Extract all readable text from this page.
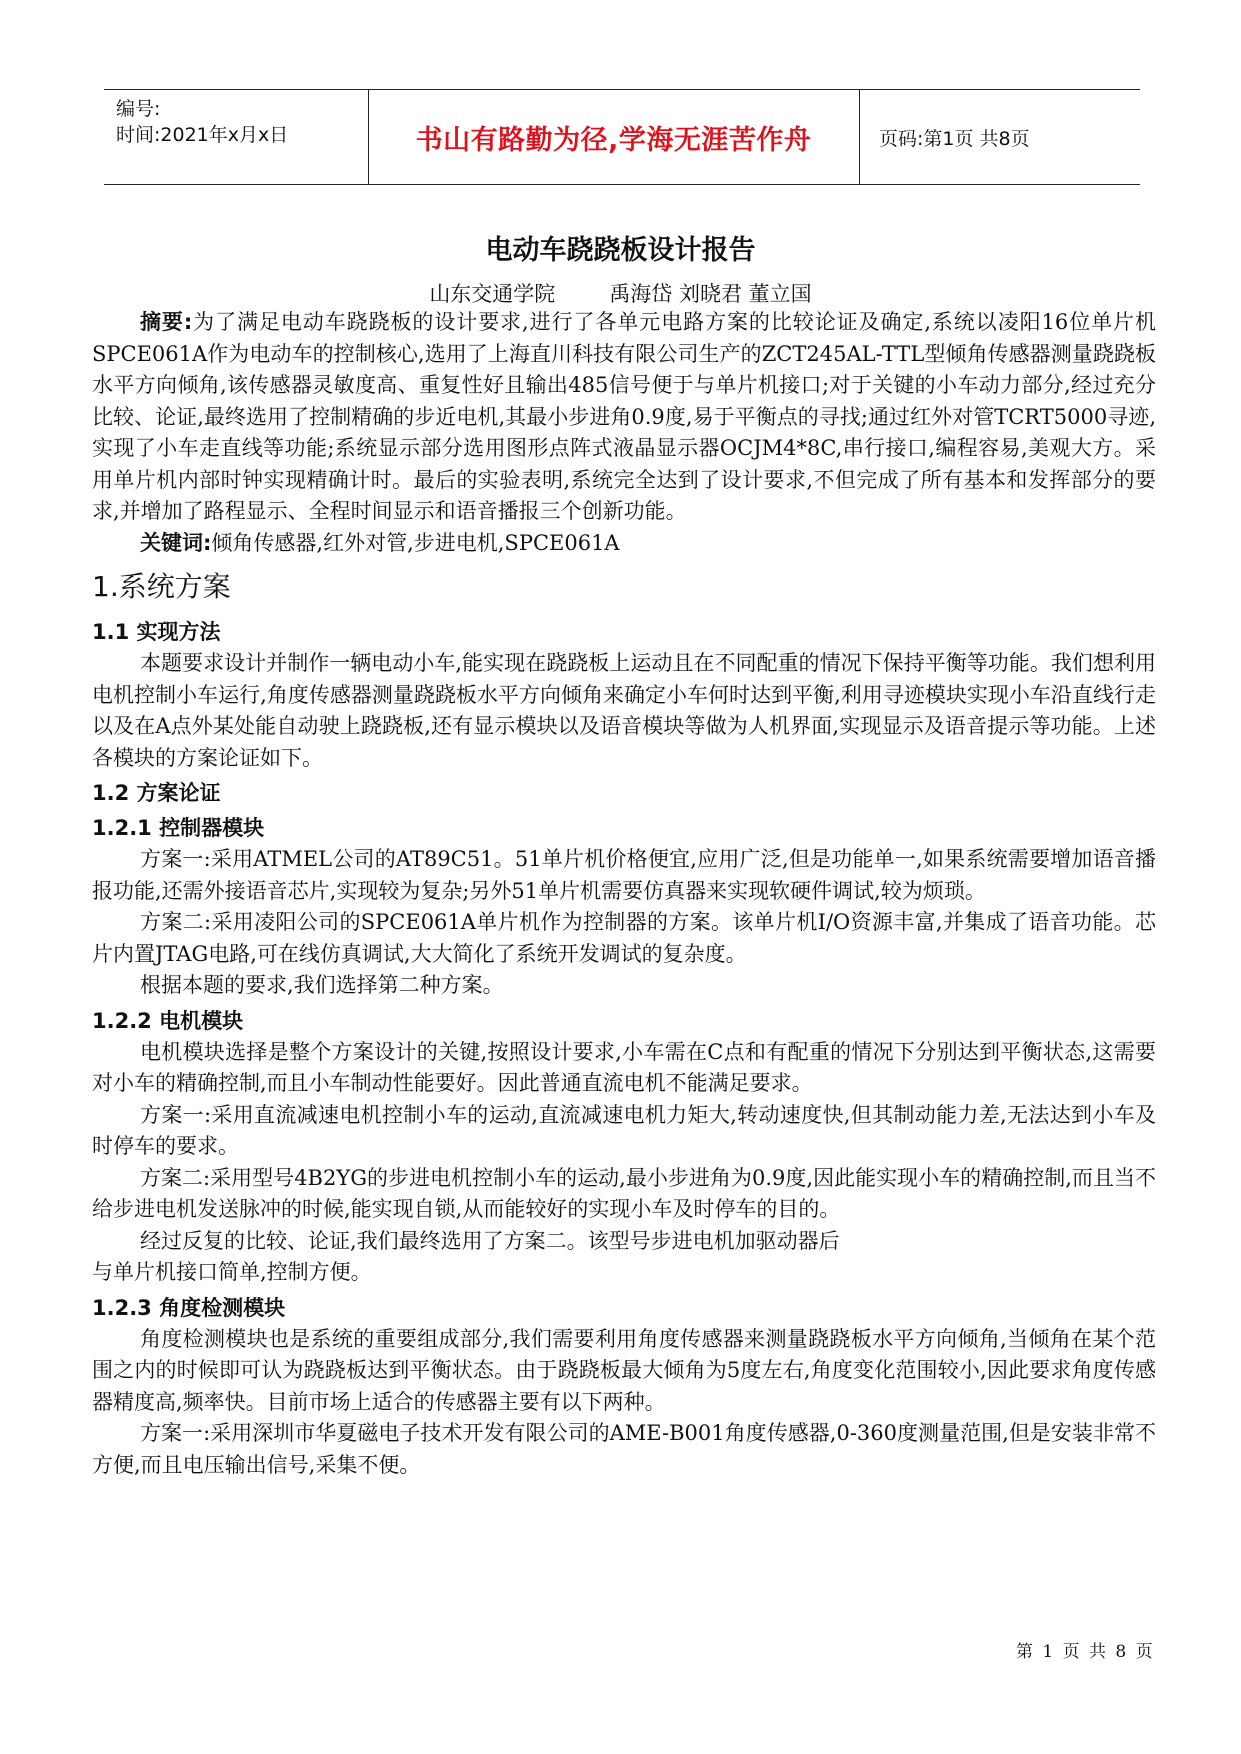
编号:
时间:2021年x月x日	书山有路勤为径,学海无涯苦作舟	页码:第1页 共8页
电动车跷跷板设计报告
山东交通学院	禹海岱 刘晓君 董立国

摘要:为了满足电动车跷跷板的设计要求,进行了各单元电路方案的比较论证及确定,系统以凌阳16位单片机SPCE061A作为电动车的控制核心,选用了上海直川科技有限公司生产的ZCT245AL-TTL型倾角传感器测量跷跷板水平方向倾角,该传感器灵敏度高、重复性好且输出485信号便于与单片机接口;对于关键的小车动力部分,经过充分比较、论证,最终选用了控制精确的步近电机,其最小步进角0.9度,易于平衡点的寻找;通过红外对管TCRT5000寻迹,实现了小车走直线等功能;系统显示部分选用图形点阵式液晶显示器OCJM4*8C,串行接口,编程容易,美观大方。采用单片机内部时钟实现精确计时。最后的实验表明,系统完全达到了设计要求,不但完成了所有基本和发挥部分的要求,并增加了路程显示、全程时间显示和语音播报三个创新功能。

关键词:倾角传感器,红外对管,步进电机,SPCE061A

1.系统方案
1.1 实现方法

本题要求设计并制作一辆电动小车,能实现在跷跷板上运动且在不同配重的情况下保持平衡等功能。我们想利用电机控制小车运行,角度传感器测量跷跷板水平方向倾角来确定小车何时达到平衡,利用寻迹模块实现小车沿直线行走以及在A点外某处能自动驶上跷跷板,还有显示模块以及语音模块等做为人机界面,实现显示及语音提示等功能。上述各模块的方案论证如下。

1.2 方案论证
1.2.1 控制器模块

方案一:采用ATMEL公司的AT89C51。51单片机价格便宜,应用广泛,但是功能单一,如果系统需要增加语音播报功能,还需外接语音芯片,实现较为复杂;另外51单片机需要仿真器来实现软硬件调试,较为烦琐。

方案二:采用凌阳公司的SPCE061A单片机作为控制器的方案。该单片机I/O资源丰富,并集成了语音功能。芯片内置JTAG电路,可在线仿真调试,大大简化了系统开发调试的复杂度。

根据本题的要求,我们选择第二种方案。

1.2.2 电机模块

电机模块选择是整个方案设计的关键,按照设计要求,小车需在C点和有配重的情况下分别达到平衡状态,这需要对小车的精确控制,而且小车制动性能要好。因此普通直流电机不能满足要求。

方案一:采用直流减速电机控制小车的运动,直流减速电机力矩大,转动速度快,但其制动能力差,无法达到小车及时停车的要求。

方案二:采用型号4B2YG的步进电机控制小车的运动,最小步进角为0.9度,因此能实现小车的精确控制,而且当不给步进电机发送脉冲的时候,能实现自锁,从而能较好的实现小车及时停车的目的。

经过反复的比较、论证,我们最终选用了方案二。该型号步进电机加驱动器后

与单片机接口简单,控制方便。

1.2.3 角度检测模块

角度检测模块也是系统的重要组成部分,我们需要利用角度传感器来测量跷跷板水平方向倾角,当倾角在某个范围之内的时候即可认为跷跷板达到平衡状态。由于跷跷板最大倾角为5度左右,角度变化范围较小,因此要求角度传感器精度高,频率快。目前市场上适合的传感器主要有以下两种。

方案一:采用深圳市华夏磁电子技术开发有限公司的AME-B001角度传感器,0-360度测量范围,但是安装非常不方便,而且电压输出信号,采集不便。

第 1 页 共 8 页
